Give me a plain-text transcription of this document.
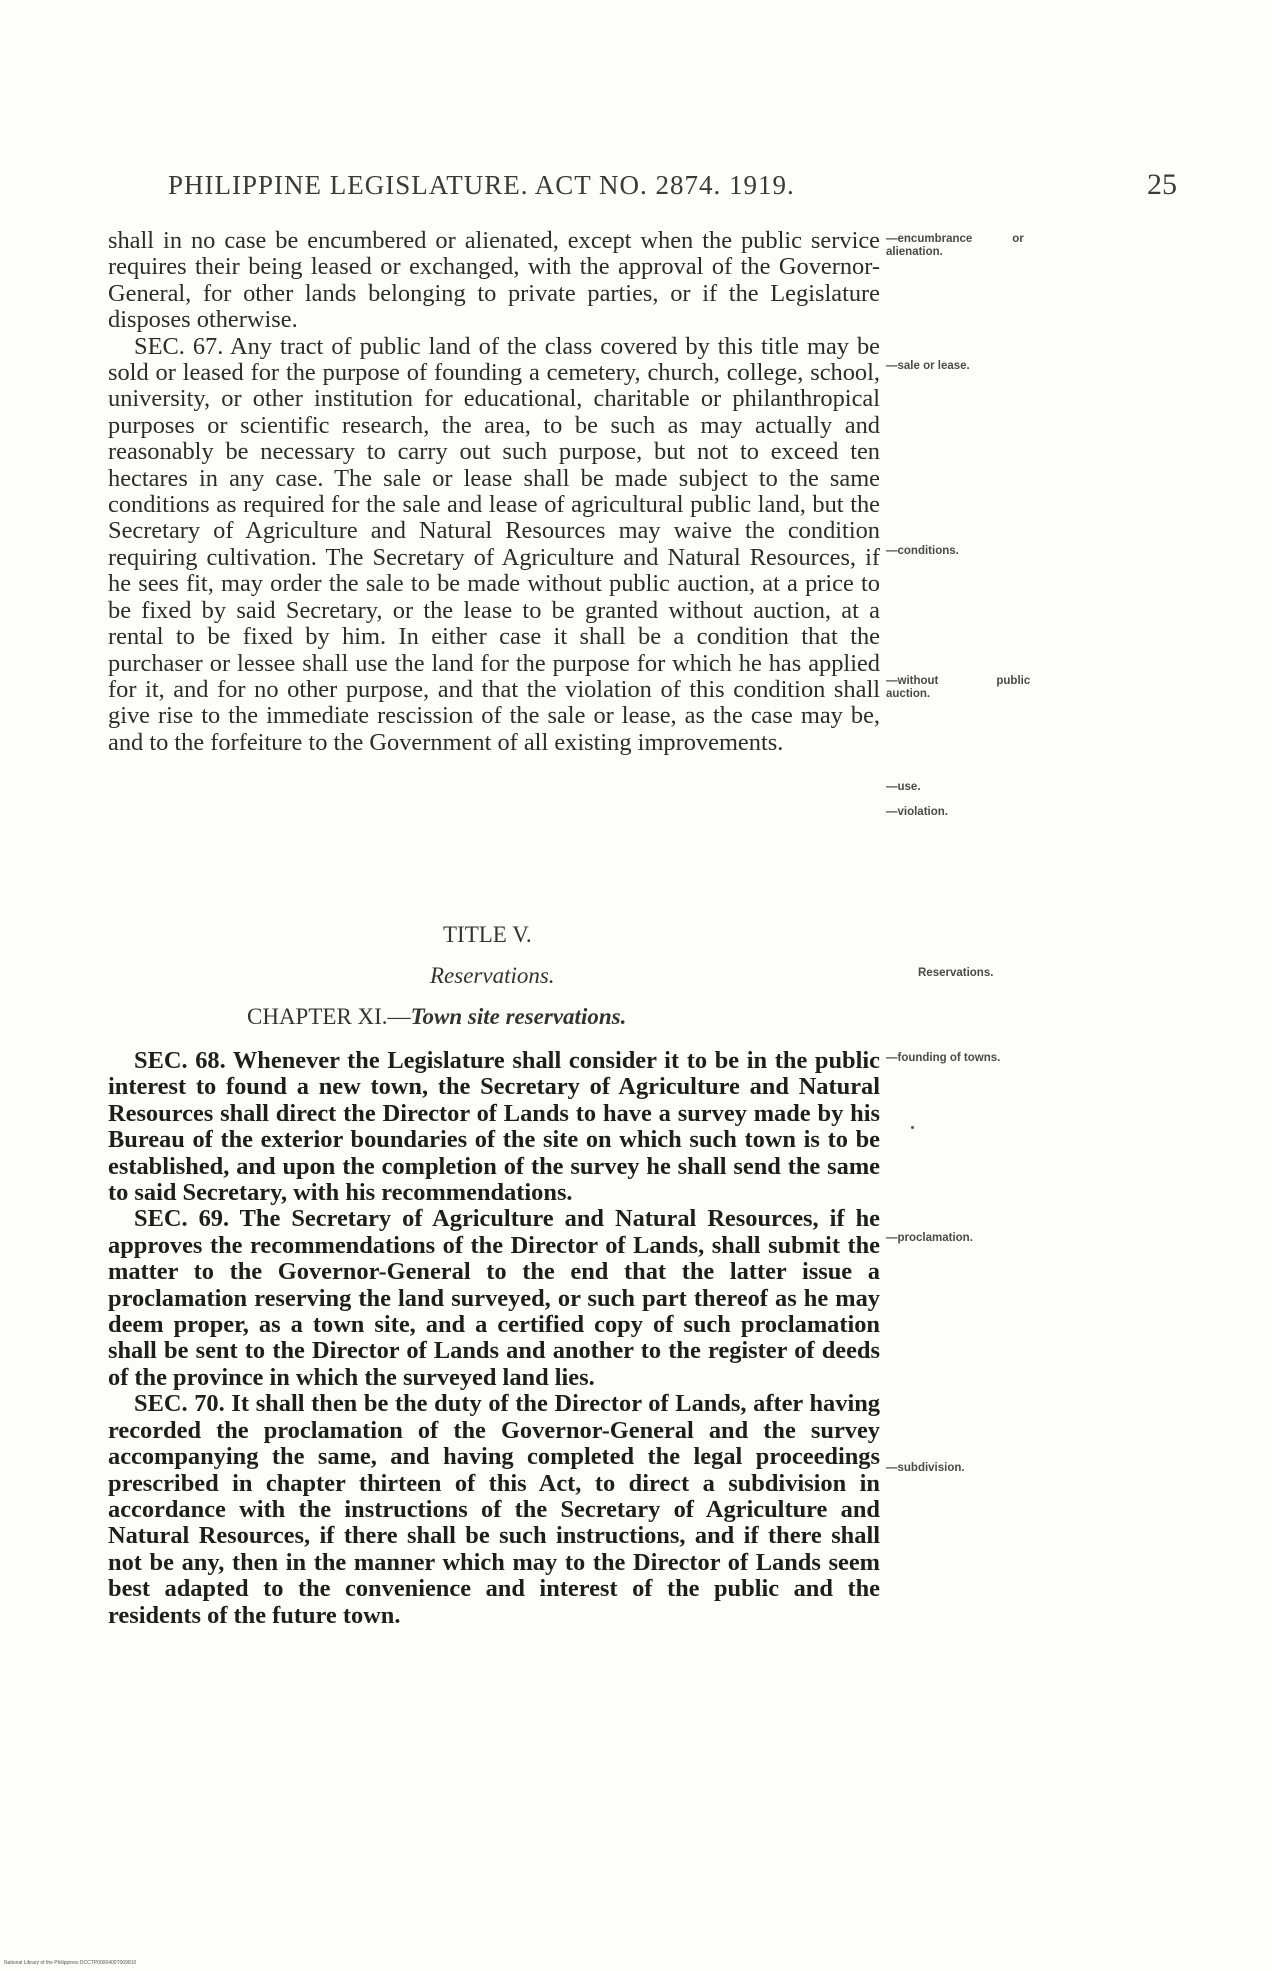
PHILIPPINE LEGISLATURE. ACT NO. 2874. 1919.	25

shall in no case be encumbered or alienated, except when the public service requires their being leased or exchanged, with the approval of the Governor-General, for other lands belonging to private parties, or if the Legislature disposes otherwise.

SEC. 67. Any tract of public land of the class covered by this title may be sold or leased for the purpose of founding a cemetery, church, college, school, university, or other institution for educational, charitable or philanthropical purposes or scientific research, the area, to be such as may actually and reasonably be necessary to carry out such purpose, but not to exceed ten hectares in any case. The sale or lease shall be made subject to the same conditions as required for the sale and lease of agricultural public land, but the Secretary of Agriculture and Natural Resources may waive the condition requiring cultivation. The Secretary of Agriculture and Natural Resources, if he sees fit, may order the sale to be made without public auction, at a price to be fixed by said Secretary, or the lease to be granted without auction, at a rental to be fixed by him. In either case it shall be a condition that the purchaser or lessee shall use the land for the purpose for which he has applied for it, and for no other purpose, and that the violation of this condition shall give rise to the immediate rescission of the sale or lease, as the case may be, and to the forfeiture to the Government of all existing improvements.

TITLE V.
Reservations.
CHAPTER XI.—Town site reservations.

SEC. 68. Whenever the Legislature shall consider it to be in the public interest to found a new town, the Secretary of Agriculture and Natural Resources shall direct the Director of Lands to have a survey made by his Bureau of the exterior boundaries of the site on which such town is to be established, and upon the completion of the survey he shall send the same to said Secretary, with his recommendations.

SEC. 69. The Secretary of Agriculture and Natural Resources, if he approves the recommendations of the Director of Lands, shall submit the matter to the Governor-General to the end that the latter issue a proclamation reserving the land surveyed, or such part thereof as he may deem proper, as a town site, and a certified copy of such proclamation shall be sent to the Director of Lands and another to the register of deeds of the province in which the surveyed land lies.

SEC. 70. It shall then be the duty of the Director of Lands, after having recorded the proclamation of the Governor-General and the survey accompanying the same, and having completed the legal proceedings prescribed in chapter thirteen of this Act, to direct a subdivision in accordance with the instructions of the Secretary of Agriculture and Natural Resources, if there shall be such instructions, and if there shall not be any, then in the manner which may to the Director of Lands seem best adapted to the convenience and interest of the public and the residents of the future town.

—encumbrance	or
alienation.
—sale or lease.
—conditions.
—without	public
auction.
—use.
—violation.
Reservations.
—founding of towns.
—proclamation.
—subdivision.
National Library of the Philippines DCCTP0000400T009810
